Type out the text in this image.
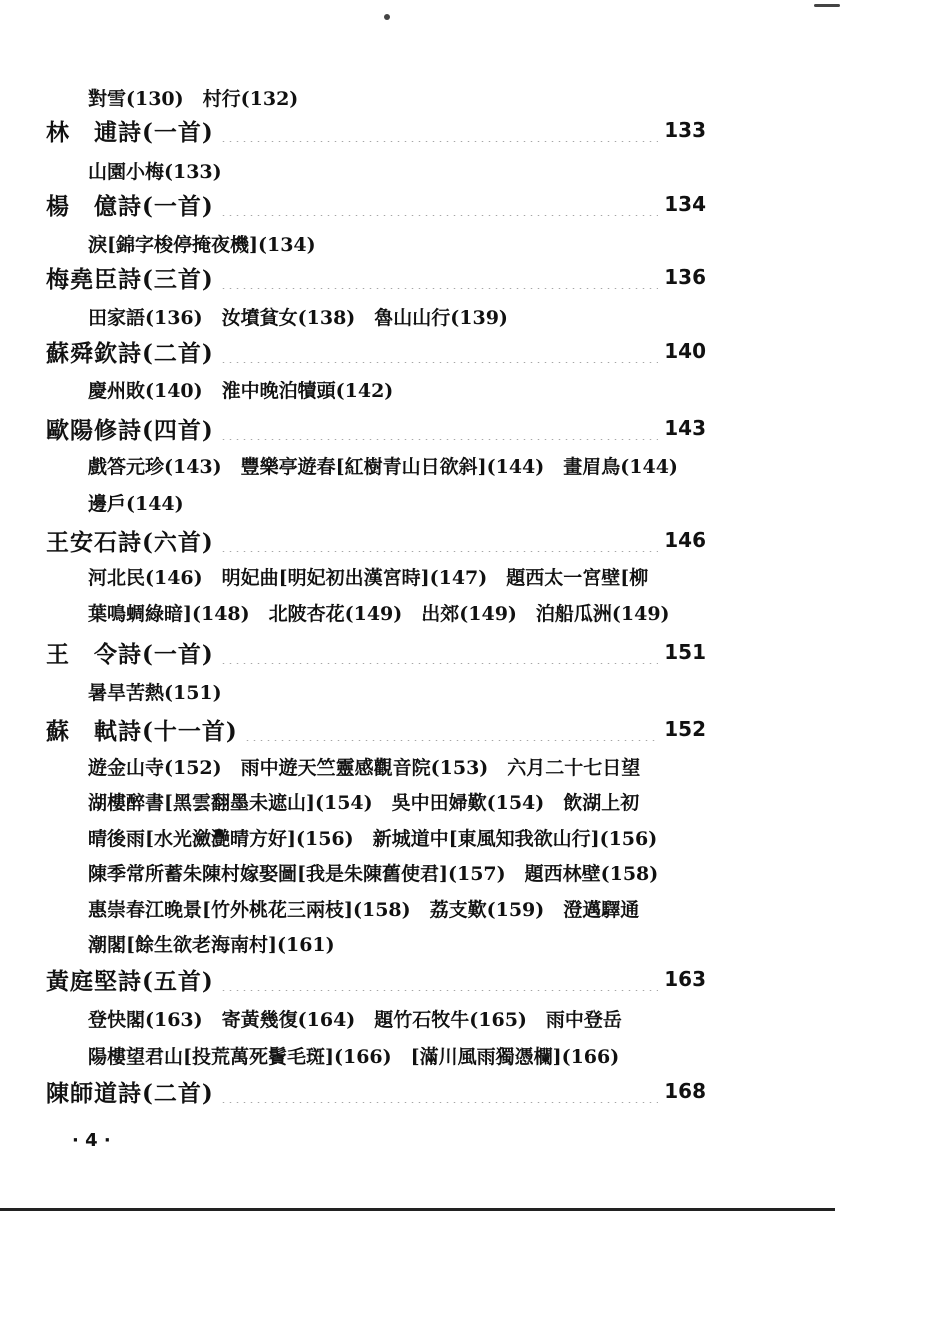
對雪(130)　村行(132)
林　逋詩(一首)	133
山園小梅(133)
楊　億詩(一首)	134
淚[錦字梭停掩夜機](134)
梅堯臣詩(三首)	136
田家語(136)　汝墳貧女(138)　魯山山行(139)
蘇舜欽詩(二首)	140
慶州敗(140)　淮中晚泊犢頭(142)
歐陽修詩(四首)	143
戲答元珍(143)　豐樂亭遊春[紅樹青山日欲斜](144)　畫眉鳥(144)
邊戶(144)
王安石詩(六首)	146
河北民(146)　明妃曲[明妃初出漢宮時](147)　題西太一宮壁[柳
葉鳴蜩綠暗](148)　北陂杏花(149)　出郊(149)　泊船瓜洲(149)
王　令詩(一首)	151
暑旱苦熱(151)
蘇　軾詩(十一首)	152
遊金山寺(152)　雨中遊天竺靈感觀音院(153)　六月二十七日望
湖樓醉書[黑雲翻墨未遮山](154)　吳中田婦歎(154)　飲湖上初
晴後雨[水光瀲灧晴方好](156)　新城道中[東風知我欲山行](156)
陳季常所蓄朱陳村嫁娶圖[我是朱陳舊使君](157)　題西林壁(158)
惠崇春江晚景[竹外桃花三兩枝](158)　荔支歎(159)　澄邁驛通
潮閣[餘生欲老海南村](161)
黃庭堅詩(五首)	163
登快閣(163)　寄黃幾復(164)　題竹石牧牛(165)　雨中登岳
陽樓望君山[投荒萬死鬢毛斑](166)　[滿川風雨獨憑欄](166)
陳師道詩(二首)	168
· 4 ·
